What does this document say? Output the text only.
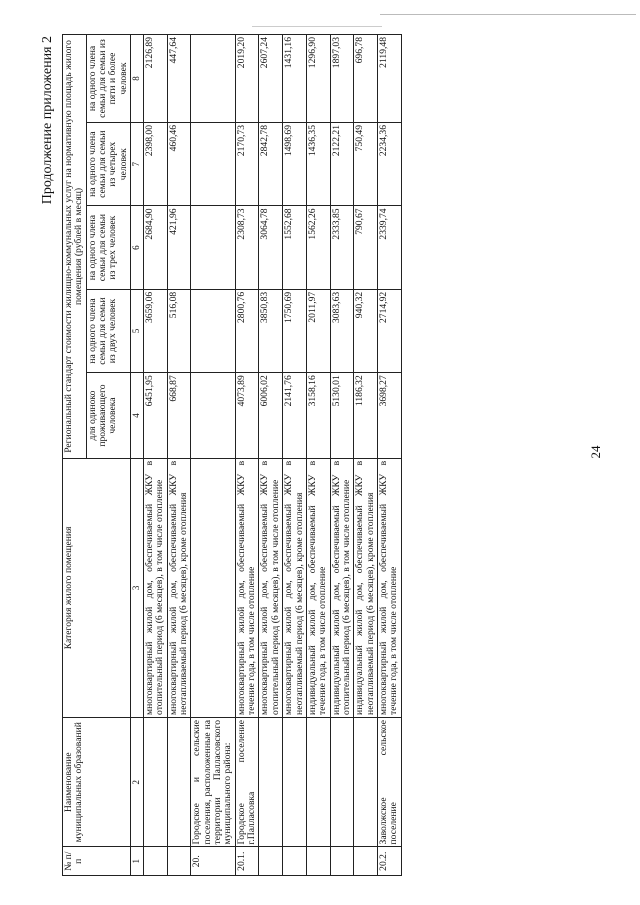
Продолжение приложения 2
№ п/п	Наименование муниципальных образований	Категория жилого помещения	Региональный стандарт стоимости жилищно-коммунальных услуг на нормативную площадь жилого помещения (рублей в месяц)				
			для одиноко проживающего человека	на одного члена семьи для семьи из двух человек	на одного члена семьи для семьи из трех человек	на одного члена семьи для семьи из четырех человек	на одного члена семьи для семьи из пяти и более человек
1	2	3	4	5	6	7	8
		многоквартирный жилой дом, обеспечиваемый ЖКУ в отопительный период (6 месяцев), в том числе отопление	6451,95	3659,06	2684,90	2398,00	2126,89
		многоквартирный жилой дом, обеспечиваемый ЖКУ в неотапливаемый период (6 месяцев), кроме отопления	668,87	516,08	421,96	460,46	447,64
20.	Городское и сельские поселения, расположенные на территории Палласовского муниципального района:						
20.1.	Городское поселение г.Палласовка	многоквартирный жилой дом, обеспечиваемый ЖКУ в течение года, в том числе отопление	4073,89	2800,76	2308,73	2170,73	2019,20
		многоквартирный жилой дом, обеспечиваемый ЖКУ в отопительный период (6 месяцев), в том числе отопление	6006,02	3850,83	3064,78	2842,78	2607,24
		многоквартирный жилой дом, обеспечиваемый ЖКУ в неотапливаемый период (6 месяцев), кроме отопления	2141,76	1750,69	1552,68	1498,69	1431,16
		индивидуальный жилой дом, обеспечиваемый ЖКУ в течение года, в том числе отопление	3158,16	2011,97	1562,26	1436,35	1296,90
		индивидуальный жилой дом, обеспечиваемый ЖКУ в отопительный период (6 месяцев), в том числе отопление	5130,01	3083,63	2333,85	2122,21	1897,03
		индивидуальный жилой дом, обеспечиваемый ЖКУ в неотапливаемый период (6 месяцев), кроме отопления	1186,32	940,32	790,67	750,49	696,78
20.2.	Заволжское сельское поселение	многоквартирный жилой дом, обеспечиваемый ЖКУ в течение года, в том числе отопление	3698,27	2714,92	2339,74	2234,36	2119,48
24
